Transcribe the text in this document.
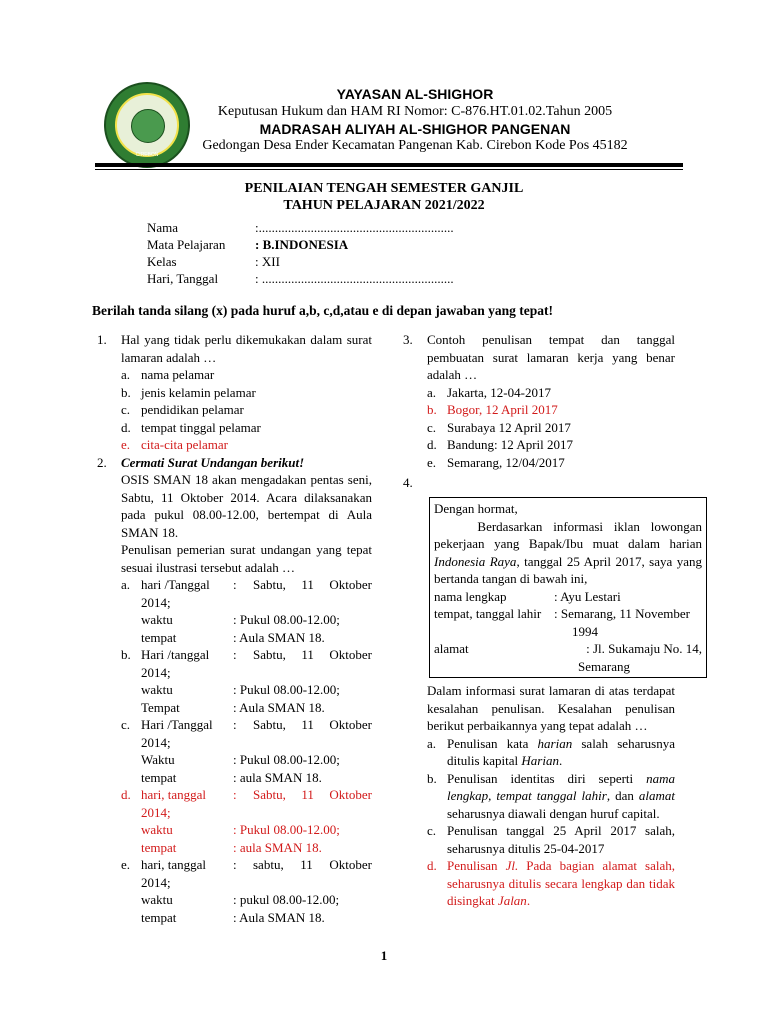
CIREBON
YAYASAN AL-SHIGHOR
Keputusan Hukum dan HAM RI Nomor: C-876.HT.01.02.Tahun 2005
MADRASAH ALIYAH AL-SHIGHOR PANGENAN
Gedongan Desa Ender Kecamatan Pangenan Kab. Cirebon Kode Pos 45182
PENILAIAN TENGAH SEMESTER GANJIL
TAHUN PELAJARAN 2021/2022
Nama	:............................................................
Mata Pelajaran : B.INDONESIA
Kelas	: XII
Hari, Tanggal	: ...........................................................
Berilah tanda silang (x) pada huruf a,b, c,d,atau e di depan jawaban yang tepat!
1. Hal yang tidak perlu dikemukakan dalam surat lamaran adalah …
a. nama pelamar
b. jenis kelamin pelamar
c. pendidikan pelamar
d. tempat tinggal pelamar
e. cita-cita pelamar
2. Cermati Surat Undangan berikut!
OSIS SMAN 18 akan mengadakan pentas seni, Sabtu, 11 Oktober 2014. Acara dilaksanakan pada pukul 08.00-12.00, bertempat di Aula SMAN 18.
Penulisan pemerian surat undangan yang tepat sesuai ilustrasi tersebut adalah …
a. hari /Tanggal	:	Sabtu, 11 Oktober
2014;
waktu	: Pukul 08.00-12.00;
tempat	: Aula SMAN 18.
b. Hari /tanggal	:	Sabtu, 11 Oktober
2014;
waktu	: Pukul 08.00-12.00;
Tempat	: Aula SMAN 18.
c. Hari /Tanggal	:	Sabtu, 11 Oktober
2014;
Waktu	: Pukul 08.00-12.00;
tempat	: aula SMAN 18.
d. hari, tanggal	:	Sabtu, 11 Oktober
2014;
waktu	: Pukul 08.00-12.00;
tempat	: aula SMAN 18.
e. hari, tanggal	:	sabtu, 11 Oktober
2014;
waktu	: pukul 08.00-12.00;
tempat	: Aula SMAN 18.
3. Contoh penulisan tempat dan tanggal pembuatan surat lamaran kerja yang benar adalah …
a. Jakarta, 12-04-2017
b. Bogor, 12 April 2017
c. Surabaya 12 April 2017
d. Bandung: 12 April 2017
e. Semarang, 12/04/2017
4.
Dengan hormat,
Berdasarkan informasi iklan lowongan pekerjaan yang Bapak/Ibu muat dalam harian Indonesia Raya, tanggal 25 April 2017, saya yang bertanda tangan di bawah ini,
nama lengkap	: Ayu Lestari
tempat, tanggal lahir : Semarang, 11 November
1994
alamat	: Jl. Sukamaju No. 14,
Semarang
Dalam informasi surat lamaran di atas terdapat kesalahan penulisan. Kesalahan penulisan berikut perbaikannya yang tepat adalah …
a. Penulisan kata harian salah seharusnya ditulis kapital Harian.
b. Penulisan identitas diri seperti nama lengkap, tempat tanggal lahir, dan alamat seharusnya diawali dengan huruf capital.
c. Penulisan tanggal 25 April 2017 salah, seharusnya ditulis 25-04-2017
d. Penulisan Jl. Pada bagian alamat salah, seharusnya ditulis secara lengkap dan tidak disingkat Jalan.
1
